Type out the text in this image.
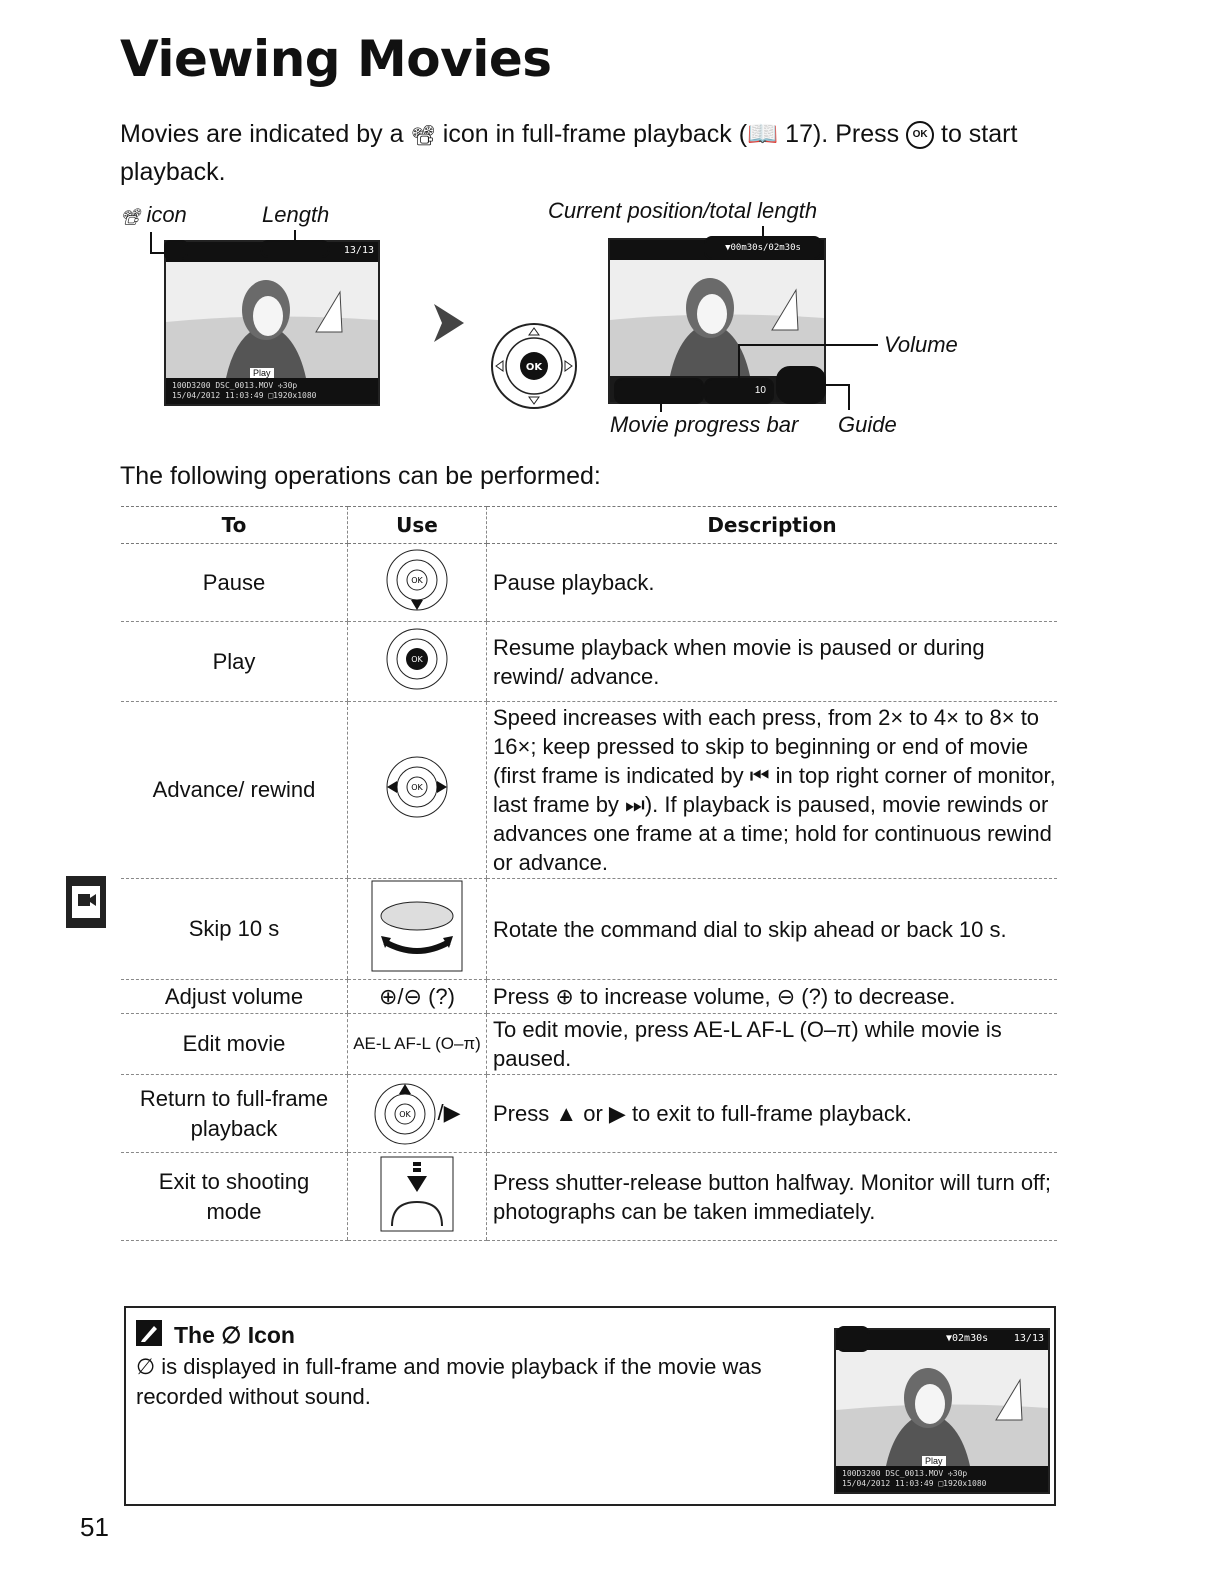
Viewing Movies
Movies are indicated by a 📽 icon in full-frame playback (📖 17). Press OK to start playback.
📽 icon	Length
13/13
Play
100D3200 DSC_0013.MOV ✢30p
15/04/2012 11:03:49 □1920x1080
OK
Current position/total length
▼00m30s/02m30s
10
Volume
Movie progress bar Guide
The following operations can be performed:
To	Use	Description
Pause	OK	Pause playback.
Play	OK	Resume playback when movie is paused or during rewind/ advance.
Advance/ rewind	OK	Speed increases with each press, from 2× to 4× to 8× to 16×; keep pressed to skip to beginning or end of movie (first frame is indicated by ⏮ in top right corner of monitor, last frame by ⏭). If playback is paused, movie rewinds or advances one frame at a time; hold for continuous rewind or advance.
Skip 10 s		Rotate the command dial to skip ahead or back 10 s.
Adjust volume	⊕/⊖ (?)	Press ⊕ to increase volume, ⊖ (?) to decrease.
Edit movie	AE-L AF-L (O–π)	To edit movie, press AE-L AF-L (O–π) while movie is paused.
Return to full-frame playback	OK /▶	Press ▲ or ▶ to exit to full-frame playback.
Exit to shooting mode		Press shutter-release button halfway. Monitor will turn off; photographs can be taken immediately.
The ∅ Icon
∅ is displayed in full-frame and movie playback if the movie was recorded without sound.
▼02m30s	13/13
Play
100D3200 DSC_0013.MOV ✢30p
15/04/2012 11:03:49 □1920x1080
51
